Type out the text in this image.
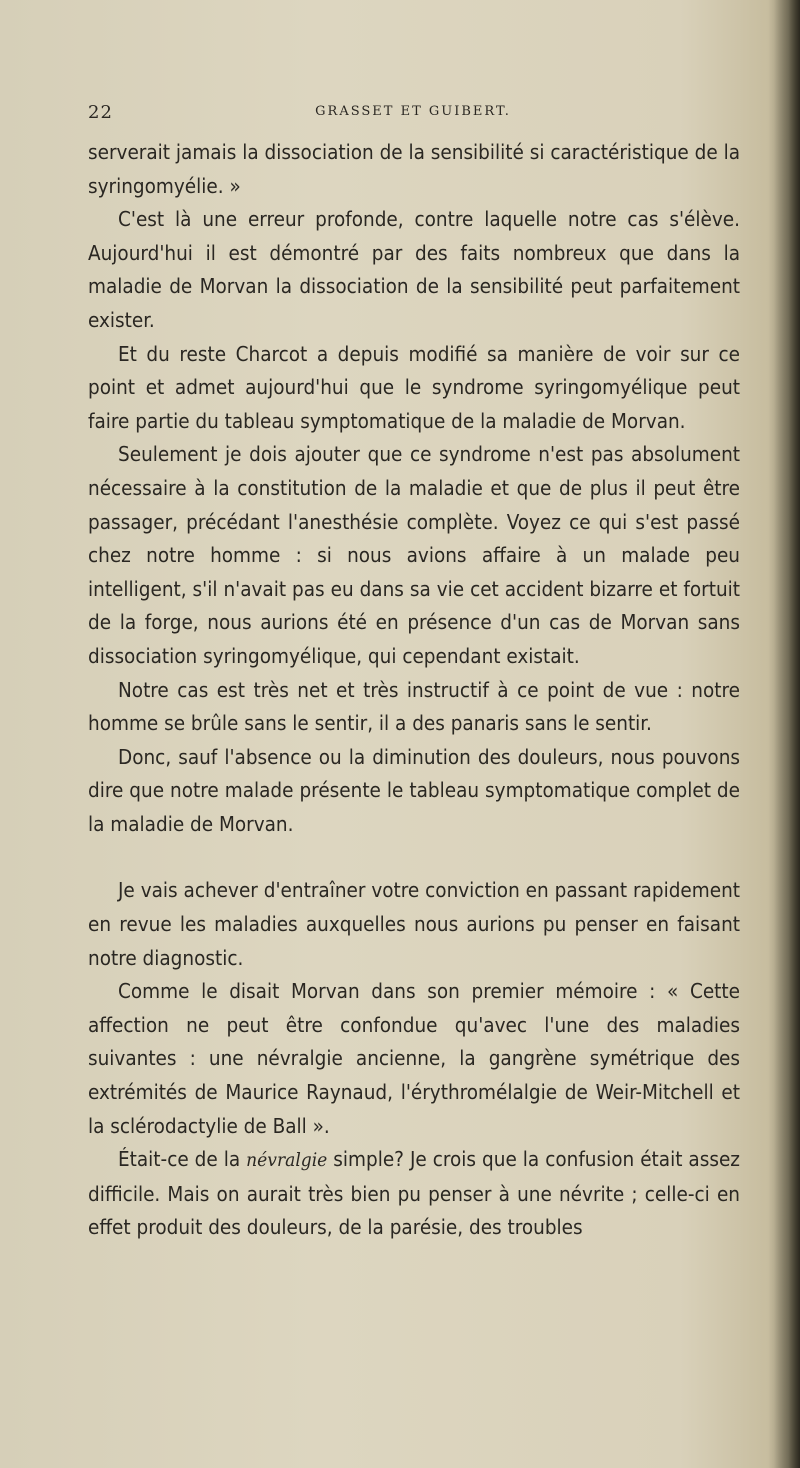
22	GRASSET ET GUIBERT.

serverait jamais la dissociation de la sensibilité si caractéristique de la syringomyélie. »

C'est là une erreur profonde, contre laquelle notre cas s'élève. Aujourd'hui il est démontré par des faits nombreux que dans la maladie de Morvan la dissociation de la sensibilité peut parfaitement exister.

Et du reste Charcot a depuis modifié sa manière de voir sur ce point et admet aujourd'hui que le syndrome syringomyélique peut faire partie du tableau symptomatique de la maladie de Morvan.

Seulement je dois ajouter que ce syndrome n'est pas absolument nécessaire à la constitution de la maladie et que de plus il peut être passager, précédant l'anesthésie complète. Voyez ce qui s'est passé chez notre homme : si nous avions affaire à un malade peu intelligent, s'il n'avait pas eu dans sa vie cet accident bizarre et fortuit de la forge, nous aurions été en présence d'un cas de Morvan sans dissociation syringomyélique, qui cependant existait.

Notre cas est très net et très instructif à ce point de vue : notre homme se brûle sans le sentir, il a des panaris sans le sentir.

Donc, sauf l'absence ou la diminution des douleurs, nous pouvons dire que notre malade présente le tableau symptomatique complet de la maladie de Morvan.

Je vais achever d'entraîner votre conviction en passant rapidement en revue les maladies auxquelles nous aurions pu penser en faisant notre diagnostic.

Comme le disait Morvan dans son premier mémoire : « Cette affection ne peut être confondue qu'avec l'une des maladies suivantes : une névralgie ancienne, la gangrène symétrique des extrémités de Maurice Raynaud, l'érythromélalgie de Weir-Mitchell et la sclérodactylie de Ball ».

Était-ce de la névralgie simple? Je crois que la confusion était assez difficile. Mais on aurait très bien pu penser à une névrite ; celle-ci en effet produit des douleurs, de la parésie, des troubles
